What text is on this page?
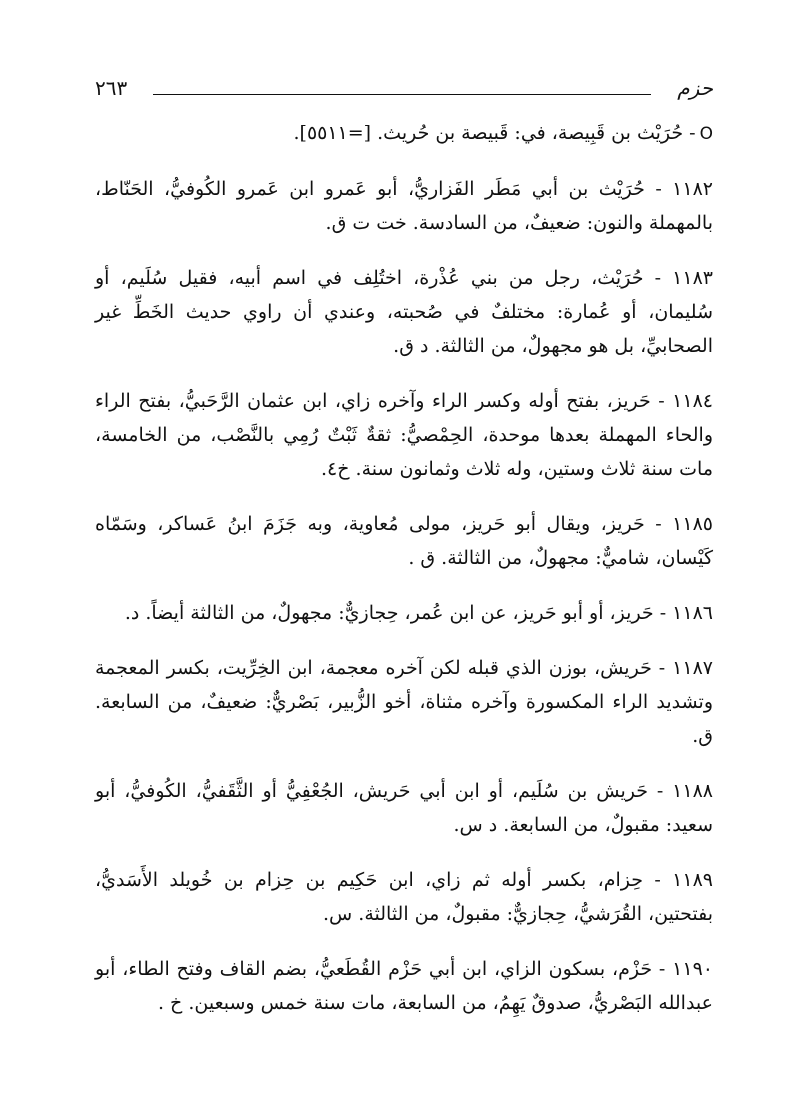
حزم
٢٦٣

O- حُرَيْث بن قَبِيصة، في: قَبيصة بن حُريث. [=٥٥١١].

١١٨٢ - حُرَيْث بن أبي مَطَر الفَزاريُّ، أبو عَمرو ابن عَمرو الكُوفيُّ، الحَنّاط، بالمهملة والنون: ضعيفٌ، من السادسة. خت ت ق.

١١٨٣ - حُرَيْث، رجل من بني عُذْرة، اختُلِف في اسم أبيه، فقيل سُلَيم، أو سُليمان، أو عُمارة: مختلفٌ في صُحبته، وعندي أن راوي حديث الخَطِّ غير الصحابيِّ، بل هو مجهولٌ، من الثالثة. د ق.

١١٨٤ - حَريز، بفتح أوله وكسر الراء وآخره زاي، ابن عثمان الرَّحَبيُّ، بفتح الراء والحاء المهملة بعدها موحدة، الحِمْصيُّ: ثقةٌ ثَبْتٌ رُمِي بالنَّصْب، من الخامسة، مات سنة ثلاث وستين، وله ثلاث وثمانون سنة. خ٤.

١١٨٥ - حَريز، ويقال أبو حَريز، مولى مُعاوية، وبه جَزَمَ ابنُ عَساكر، وسَمّاه كَيْسان، شاميٌّ: مجهولٌ، من الثالثة. ق .

١١٨٦ - حَريز، أو أبو حَريز، عن ابن عُمر، حِجازيٌّ: مجهولٌ، من الثالثة أيضاً. د.

١١٨٧ - حَريش، بوزن الذي قبله لكن آخره معجمة، ابن الخِرِّيت، بكسر المعجمة وتشديد الراء المكسورة وآخره مثناة، أخو الزُّبير، بَصْريٌّ: ضعيفٌ، من السابعة. ق.

١١٨٨ - حَريش بن سُلَيم، أو ابن أبي حَريش، الجُعْفِيُّ أو الثَّقَفيُّ، الكُوفيُّ، أبو سعيد: مقبولٌ، من السابعة. د س.

١١٨٩ - حِزام، بكسر أوله ثم زاي، ابن حَكِيم بن حِزام بن خُويلد الأَسَديُّ، بفتحتين، القُرَشيُّ، حِجازيٌّ: مقبولٌ، من الثالثة. س.

١١٩٠ - حَزْم، بسكون الزاي، ابن أبي حَزْم القُطَعيُّ، بضم القاف وفتح الطاء، أبو عبدالله البَصْريُّ، صدوقٌ يَهِمُ، من السابعة، مات سنة خمس وسبعين. خ .
